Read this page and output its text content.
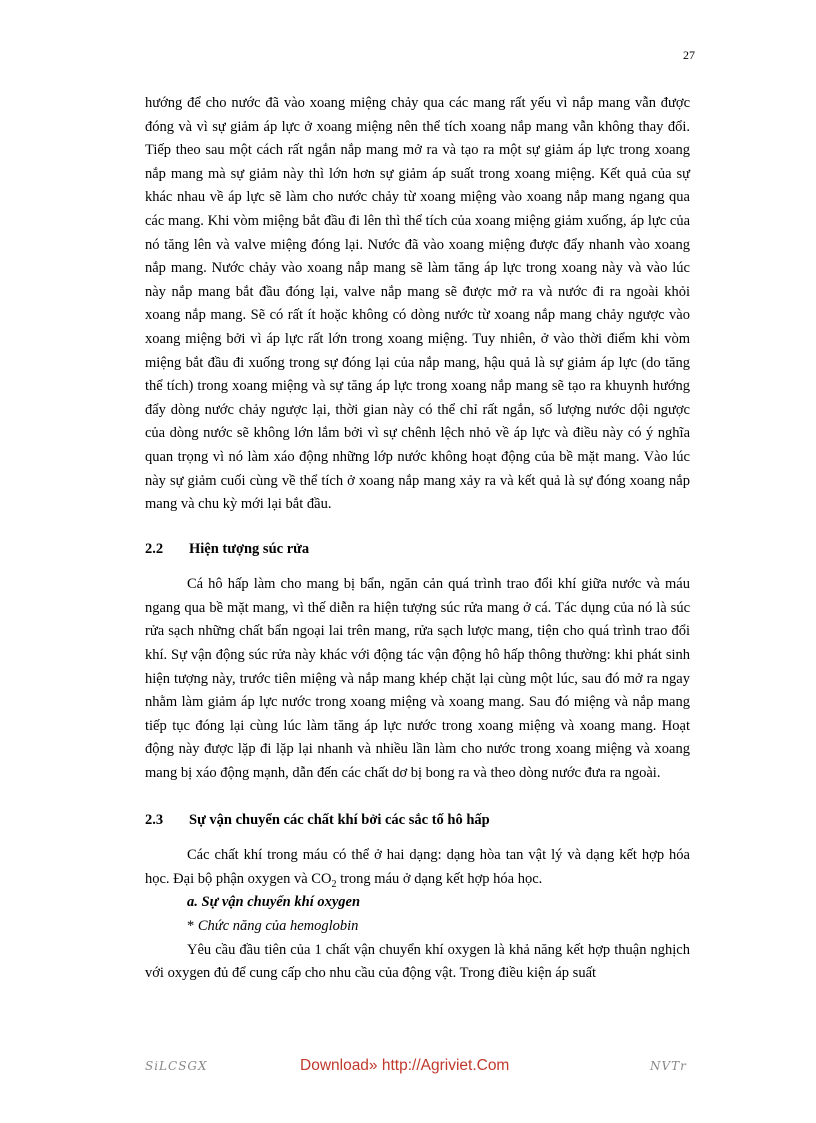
27

hướng để cho nước đã vào xoang miệng chảy qua các mang rất yếu vì nắp mang vẫn được đóng và vì sự giảm áp lực ở xoang miệng nên thể tích xoang nắp mang vẫn không thay đổi. Tiếp theo sau một cách rất ngắn nắp mang mở ra và tạo ra một sự giảm áp lực trong xoang nắp mang mà sự giảm này thì lớn hơn sự giảm áp suất trong xoang miệng. Kết quả của sự khác nhau về áp lực sẽ làm cho nước chảy từ xoang miệng vào xoang nắp mang ngang qua các mang. Khi vòm miệng bắt đầu đi lên thì thể tích của xoang miệng giảm xuống, áp lực của nó tăng lên và valve miệng đóng lại. Nước đã vào xoang miệng được đẩy nhanh vào xoang nắp mang. Nước chảy vào xoang nắp mang sẽ làm tăng áp lực trong xoang này và vào lúc này nắp mang bắt đầu đóng lại, valve nắp mang sẽ được mở ra và nước đi ra ngoài khỏi xoang nắp mang. Sẽ có rất ít hoặc không có dòng nước từ xoang nắp mang chảy ngược vào xoang miệng bởi vì áp lực rất lớn trong xoang miệng. Tuy nhiên, ở vào thời điểm khi vòm miệng bắt đầu đi xuống trong sự đóng lại của nắp mang, hậu quả là sự giảm áp lực (do tăng thể tích) trong xoang miệng và sự tăng áp lực trong xoang nắp mang sẽ tạo ra khuynh hướng đẩy dòng nước chảy ngược lại, thời gian này có thể chỉ rất ngắn, số lượng nước dội ngược của dòng nước sẽ không lớn lắm bởi vì sự chênh lệch nhỏ về áp lực và điều này có ý nghĩa quan trọng vì nó làm xáo động những lớp nước không hoạt động của bề mặt mang. Vào lúc này sự giảm cuối cùng về thể tích ở xoang nắp mang xảy ra và kết quả là sự đóng xoang nắp mang và chu kỳ mới lại bắt đầu.

2.2	Hiện tượng súc rửa

Cá hô hấp làm cho mang bị bẩn, ngăn cản quá trình trao đổi khí giữa nước và máu ngang qua bề mặt mang, vì thế diễn ra hiện tượng súc rửa mang ở cá. Tác dụng của nó là súc rửa sạch những chất bẩn ngoại lai trên mang, rửa sạch lược mang, tiện cho quá trình trao đổi khí. Sự vận động súc rửa này khác với động tác vận động hô hấp thông thường: khi phát sinh hiện tượng này, trước tiên miệng và nắp mang khép chặt lại cùng một lúc, sau đó mở ra ngay nhằm làm giảm áp lực nước trong xoang miệng và xoang mang. Sau đó miệng và nắp mang tiếp tục đóng lại cùng lúc làm tăng áp lực nước trong xoang miệng và xoang mang. Hoạt động này được lặp đi lặp lại nhanh và nhiều lần làm cho nước trong xoang miệng và xoang mang bị xáo động mạnh, dẫn đến các chất dơ bị bong ra và theo dòng nước đưa ra ngoài.

2.3	Sự vận chuyển các chất khí bởi các sắc tố hô hấp

Các chất khí trong máu có thể ở hai dạng: dạng hòa tan vật lý và dạng kết hợp hóa học. Đại bộ phận oxygen và $CO_2$ trong máu ở dạng kết hợp hóa học.

a. Sự vận chuyển khí oxygen

* Chức năng của hemoglobin

Yêu cầu đầu tiên của 1 chất vận chuyển khí oxygen là khả năng kết hợp thuận nghịch với oxygen đủ để cung cấp cho nhu cầu của động vật. Trong điều kiện áp suất

SiLCSGX	Download» http://Agriviet.Com	NVTr
